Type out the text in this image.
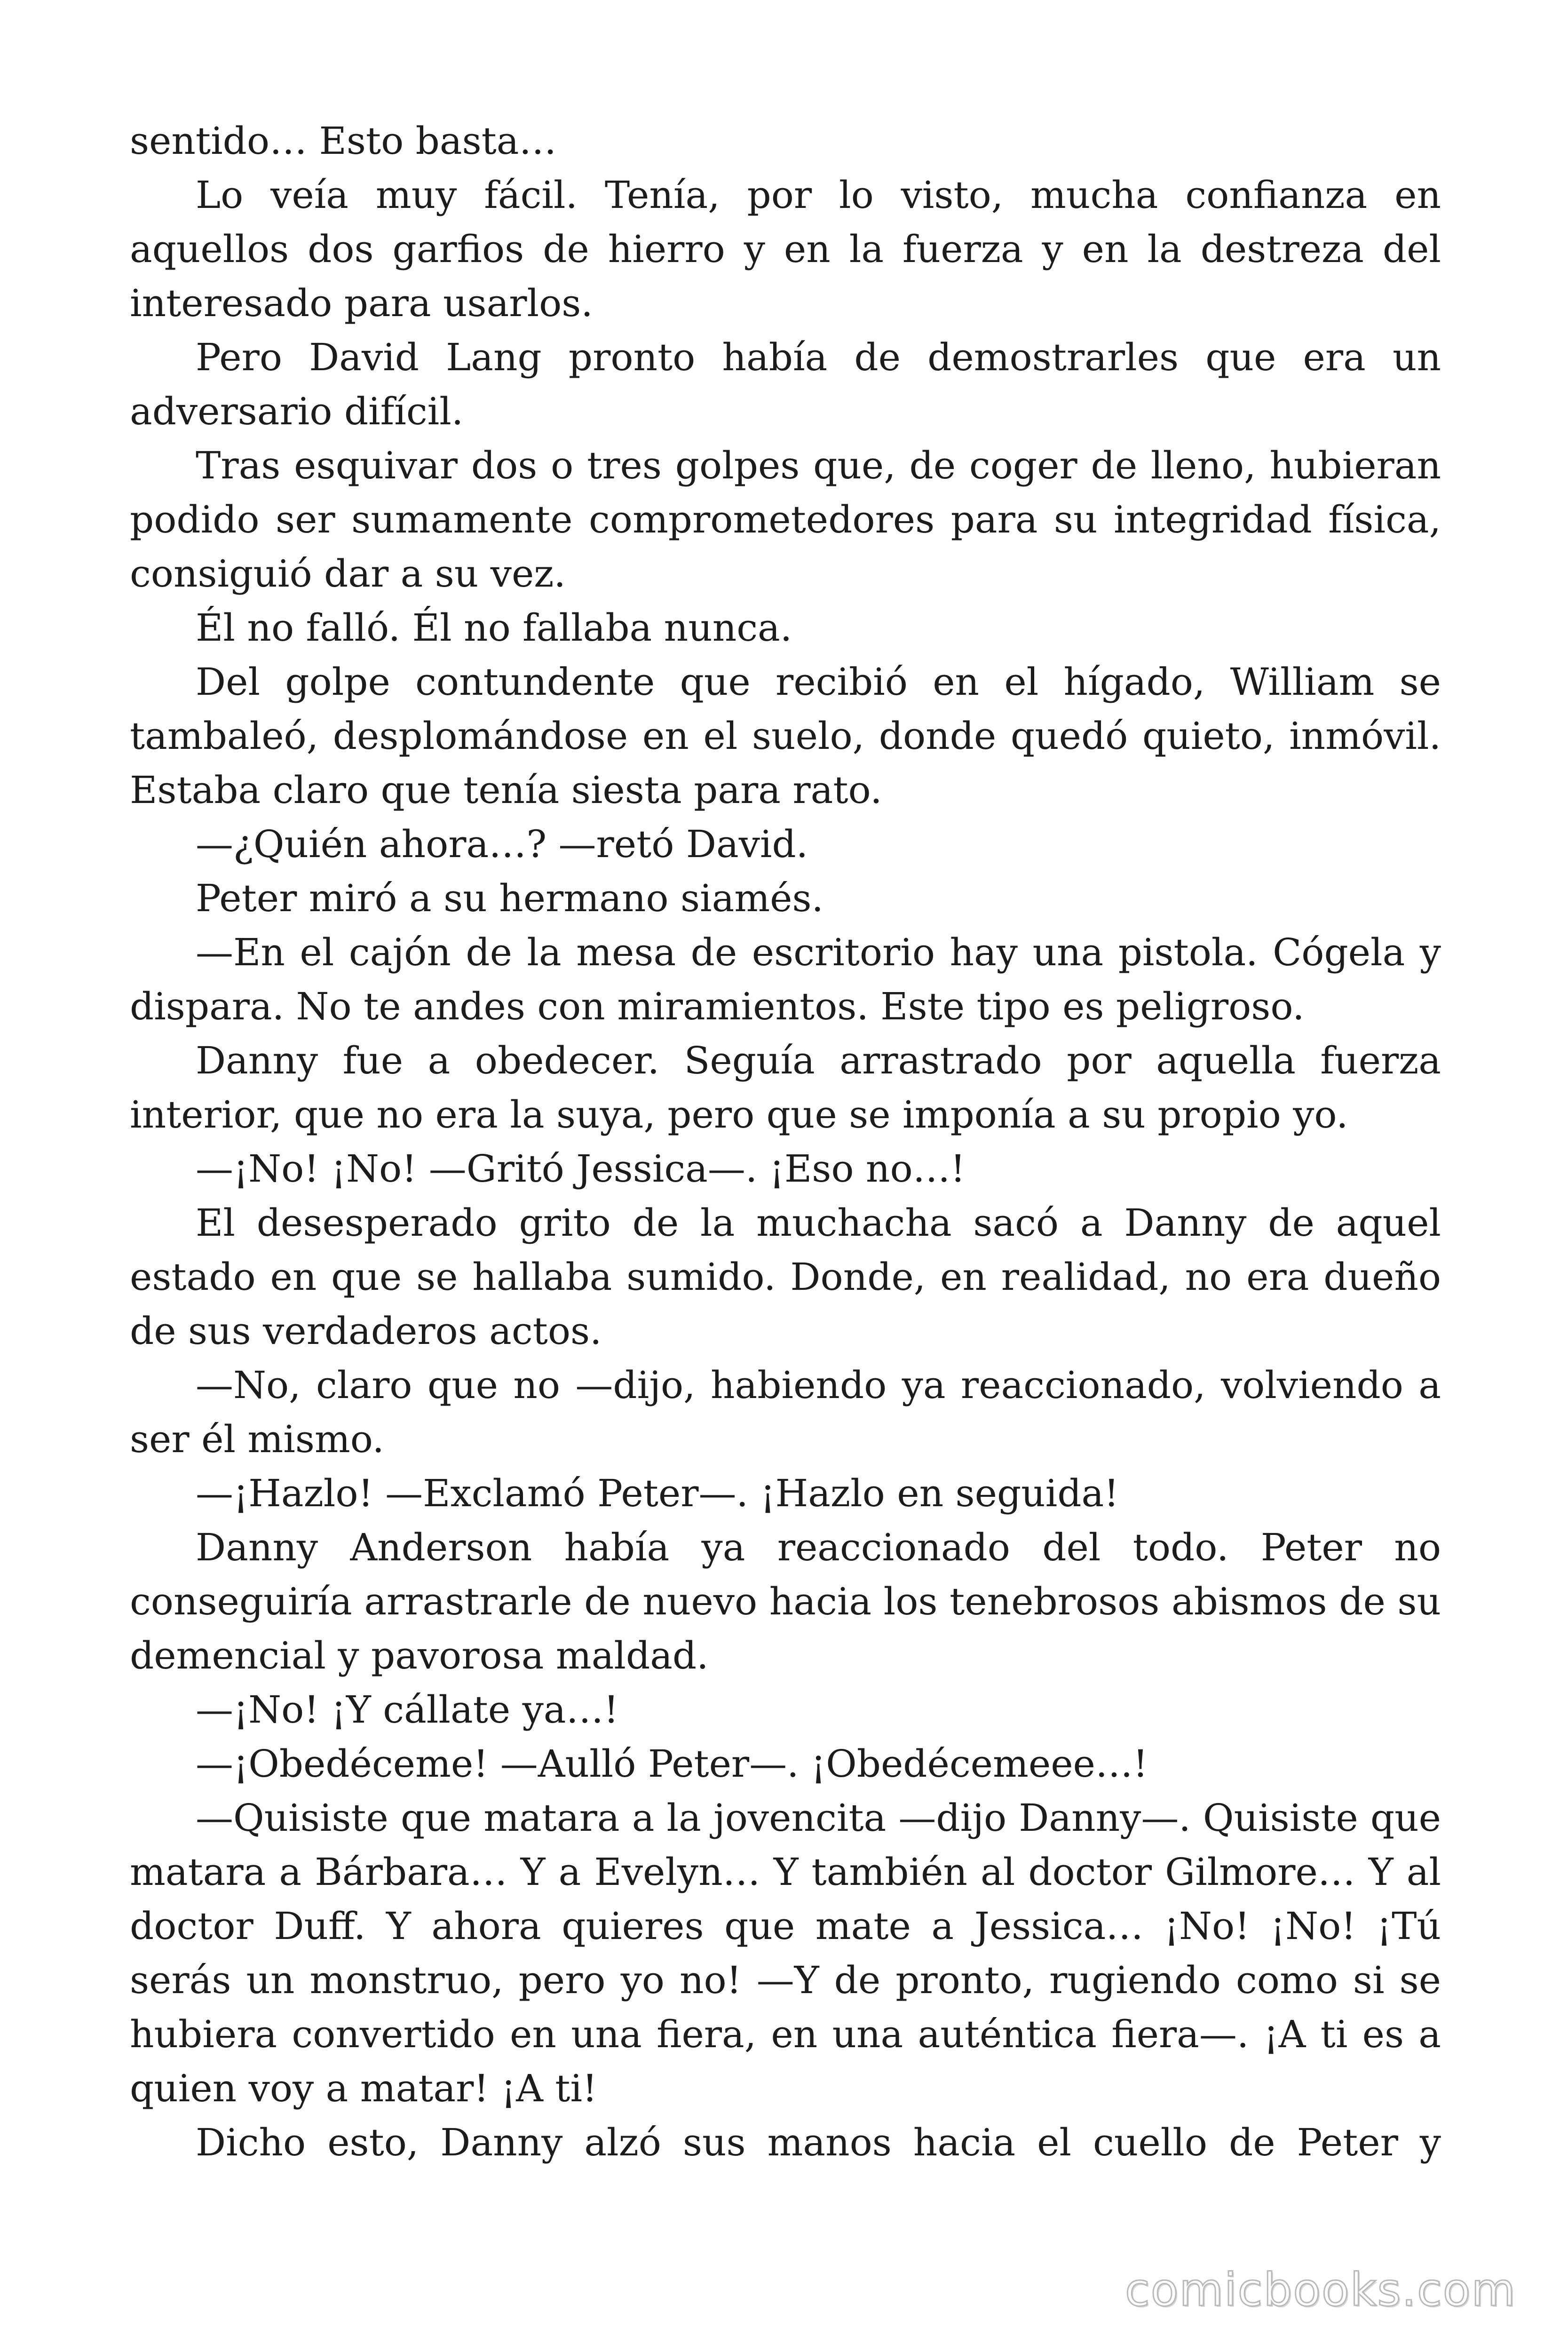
sentido… Esto basta…

Lo veía muy fácil. Tenía, por lo visto, mucha confianza en aquellos dos garfios de hierro y en la fuerza y en la destreza del interesado para usarlos.

Pero David Lang pronto había de demostrarles que era un adversario difícil.

Tras esquivar dos o tres golpes que, de coger de lleno, hubieran podido ser sumamente comprometedores para su integridad física, consiguió dar a su vez.

Él no falló. Él no fallaba nunca.

Del golpe contundente que recibió en el hígado, William se tambaleó, desplomándose en el suelo, donde quedó quieto, inmóvil. Estaba claro que tenía siesta para rato.

—¿Quién ahora…? —retó David.

Peter miró a su hermano siamés.

—En el cajón de la mesa de escritorio hay una pistola. Cógela y dispara. No te andes con miramientos. Este tipo es peligroso.

Danny fue a obedecer. Seguía arrastrado por aquella fuerza interior, que no era la suya, pero que se imponía a su propio yo.

—¡No! ¡No! —Gritó Jessica—. ¡Eso no…!

El desesperado grito de la muchacha sacó a Danny de aquel estado en que se hallaba sumido. Donde, en realidad, no era dueño de sus verdaderos actos.

—No, claro que no —dijo, habiendo ya reaccionado, volviendo a ser él mismo.

—¡Hazlo! —Exclamó Peter—. ¡Hazlo en seguida!

Danny Anderson había ya reaccionado del todo. Peter no conseguiría arrastrarle de nuevo hacia los tenebrosos abismos de su demencial y pavorosa maldad.

—¡No! ¡Y cállate ya…!

—¡Obedéceme! —Aulló Peter—. ¡Obedécemeee…!

—Quisiste que matara a la jovencita —dijo Danny—. Quisiste que matara a Bárbara… Y a Evelyn… Y también al doctor Gilmore… Y al doctor Duff. Y ahora quieres que mate a Jessica… ¡No! ¡No! ¡Tú serás un monstruo, pero yo no! —Y de pronto, rugiendo como si se hubiera convertido en una fiera, en una auténtica fiera—. ¡A ti es a quien voy a matar! ¡A ti!

Dicho esto, Danny alzó sus manos hacia el cuello de Peter y

comicbooks.com
